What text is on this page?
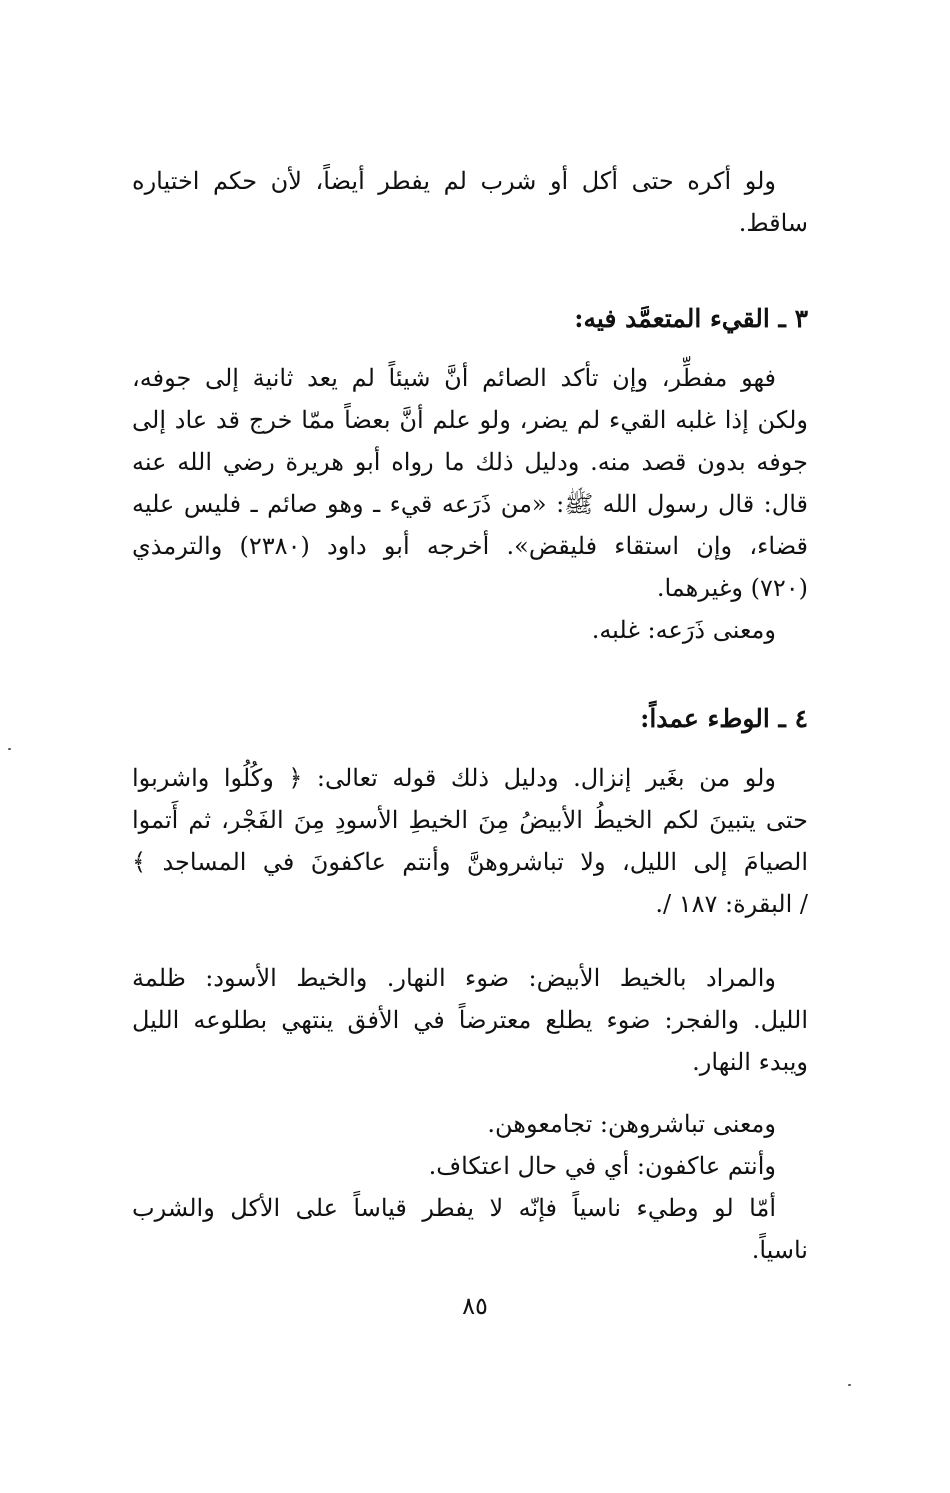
ولو أكره حتى أكل أو شرب لم يفطر أيضاً، لأن حكم اختياره
ساقط.
٣ ـ القيء المتعمَّد فيه:
فهو مفطِّر، وإن تأكد الصائم أنَّ شيئاً لم يعد ثانية إلى جوفه،
ولكن إذا غلبه القيء لم يضر، ولو علم أنَّ بعضاً ممّا خرج قد عاد إلى
جوفه بدون قصد منه. ودليل ذلك ما رواه أبو هريرة رضي الله عنه
قال: قال رسول الله ﷺ: «من ذَرَعه قيء ـ وهو صائم ـ فليس عليه
قضاء، وإن استقاء فليقض». أخرجه أبو داود (٢٣٨٠) والترمذي
(٧٢٠) وغيرهما.
ومعنى ذَرَعه: غلبه.
٤ ـ الوطء عمداً:
ولو من بغَير إنزال. ودليل ذلك قوله تعالى: ﴿ وكُلُوا واشربوا
حتى يتبينَ لكم الخيطُ الأبيضُ مِنَ الخيطِ الأسودِ مِنَ الفَجْر، ثم أَتموا
الصيامَ إلى الليل، ولا تباشروهنَّ وأنتم عاكفونَ في المساجد ﴾
/ البقرة: ١٨٧ /.
والمراد بالخيط الأبيض: ضوء النهار. والخيط الأسود: ظلمة
الليل. والفجر: ضوء يطلع معترضاً في الأفق ينتهي بطلوعه الليل
ويبدء النهار.
ومعنى تباشروهن: تجامعوهن.
وأنتم عاكفون: أي في حال اعتكاف.
أمّا لو وطيء ناسياً فإنّه لا يفطر قياساً على الأكل والشرب
ناسياً.
٨٥
